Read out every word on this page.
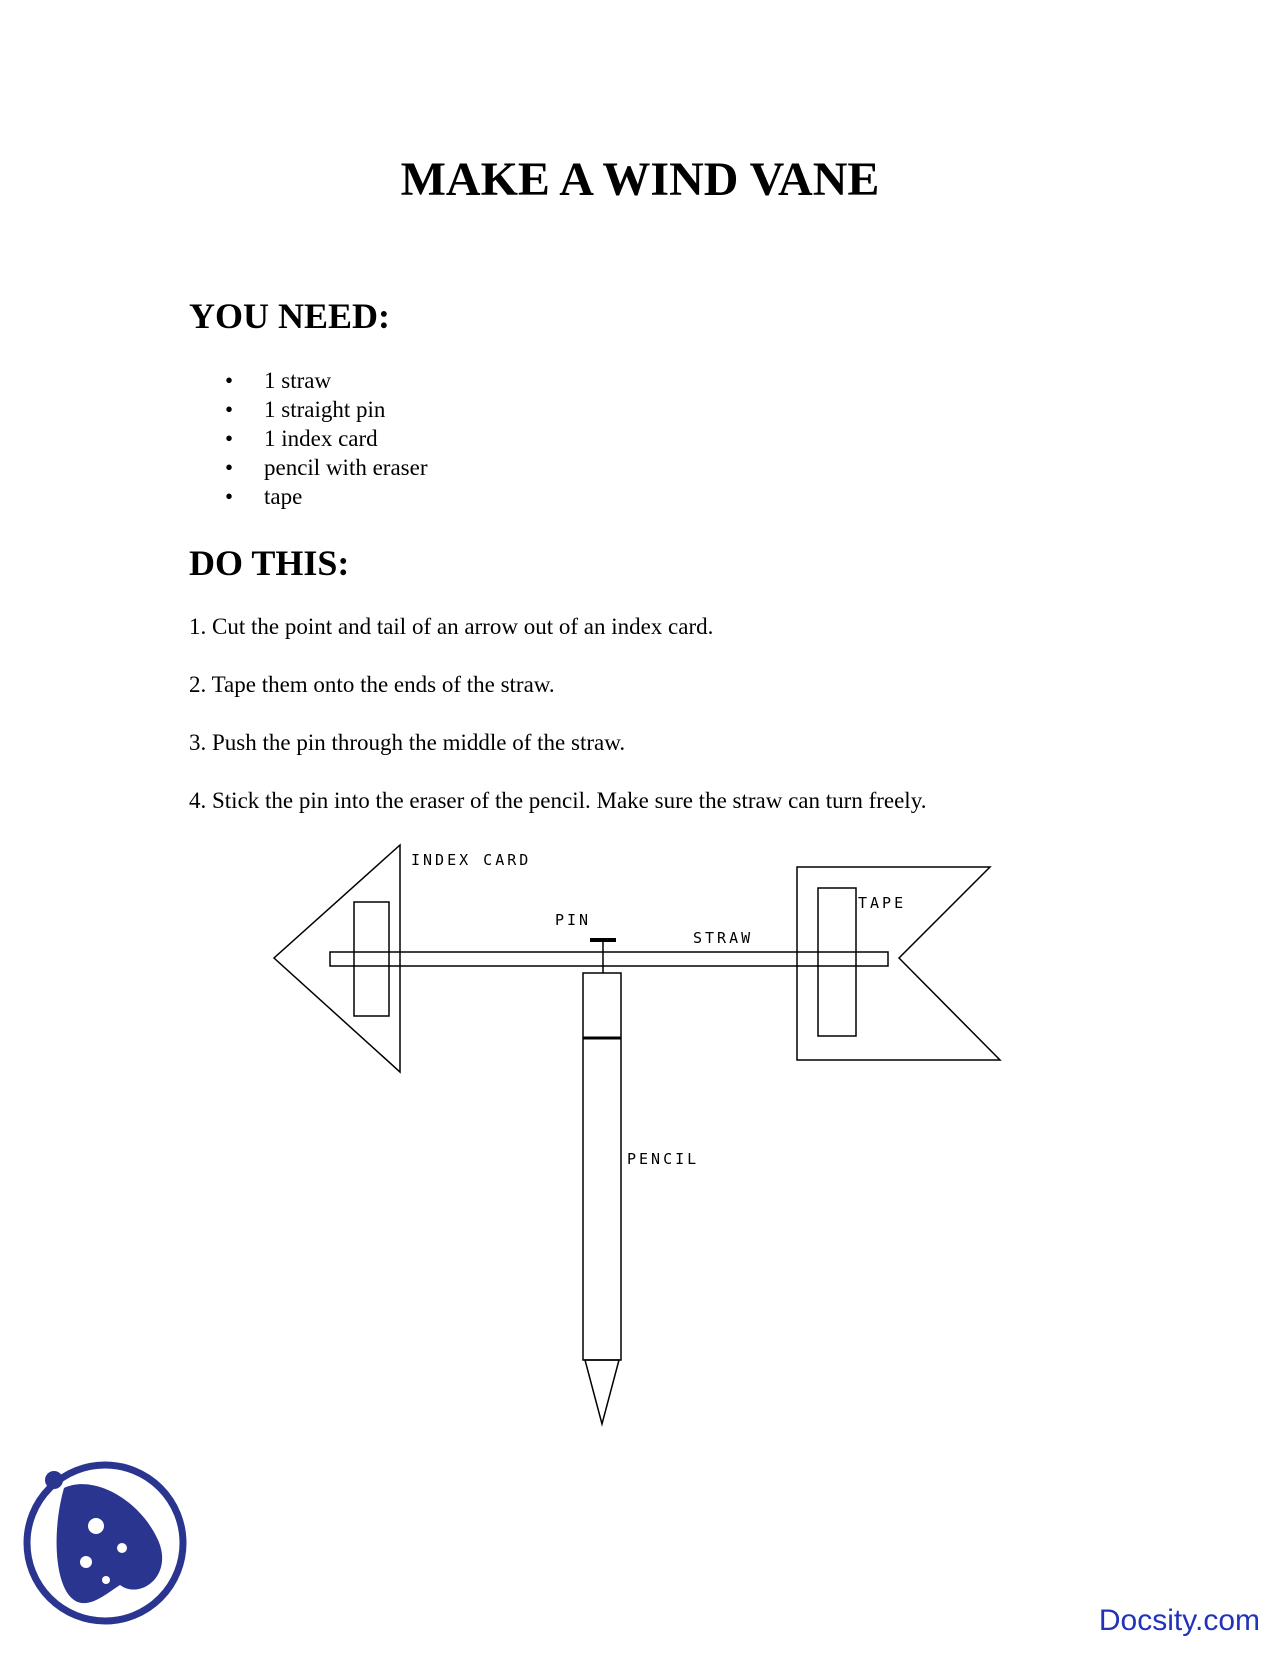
MAKE A WIND VANE
YOU NEED:
• 1 straw
• 1 straight pin
• 1 index card
• pencil with eraser
• tape
DO THIS:

1. Cut the point and tail of an arrow out of an index card.

2. Tape them onto the ends of the straw.

3. Push the pin through the middle of the straw.

4. Stick the pin into the eraser of the pencil. Make sure the straw can turn freely.

INDEX CARD
PIN
STRAW
TAPE
PENCIL
Docsity.com
